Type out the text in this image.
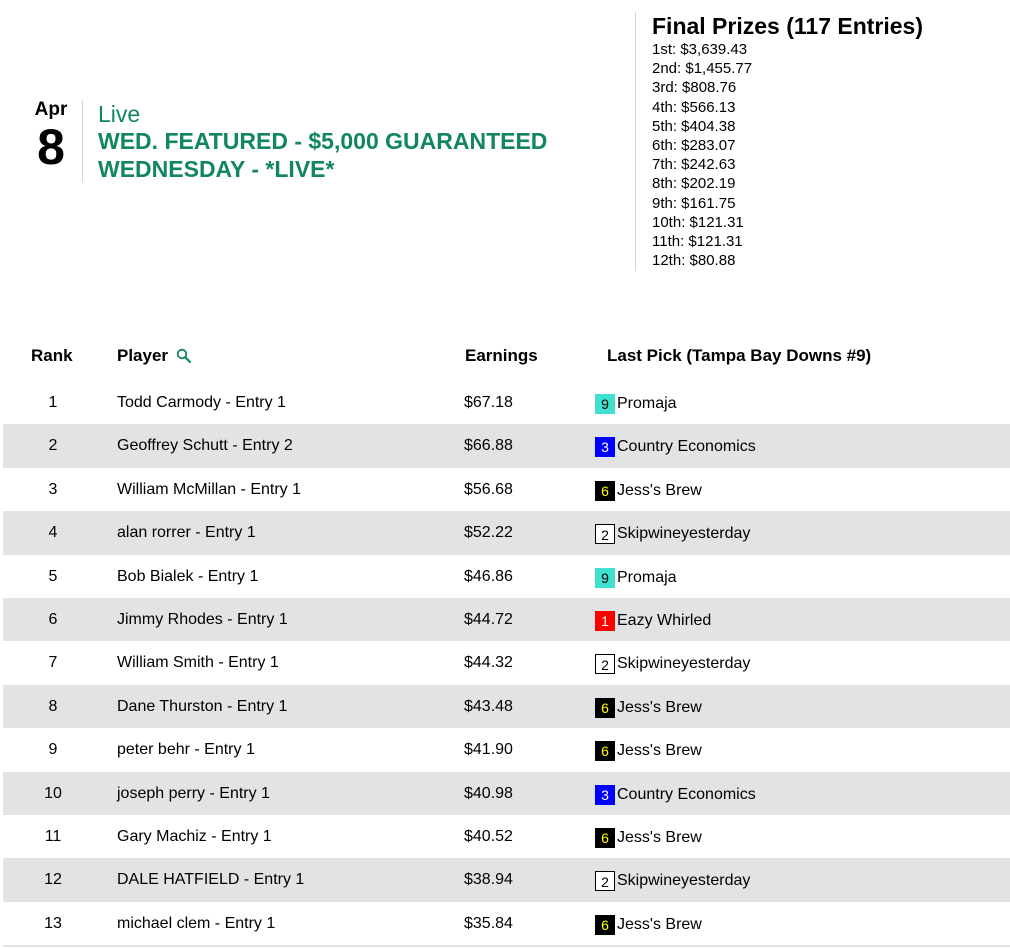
Apr
8
Live
WED. FEATURED - $5,000 GUARANTEED WEDNESDAY - *LIVE*
Final Prizes (117 Entries)
1st: $3,639.43
2nd: $1,455.77
3rd: $808.76
4th: $566.13
5th: $404.38
6th: $283.07
7th: $242.63
8th: $202.19
9th: $161.75
10th: $121.31
11th: $121.31
12th: $80.88
Rank	Player	Earnings	Last Pick (Tampa Bay Downs #9)
1	Todd Carmody - Entry 1	$67.18	9 Promaja
2	Geoffrey Schutt - Entry 2	$66.88	3 Country Economics
3	William McMillan - Entry 1	$56.68	6 Jess's Brew
4	alan rorrer - Entry 1	$52.22	2 Skipwineyesterday
5	Bob Bialek - Entry 1	$46.86	9 Promaja
6	Jimmy Rhodes - Entry 1	$44.72	1 Eazy Whirled
7	William Smith - Entry 1	$44.32	2 Skipwineyesterday
8	Dane Thurston - Entry 1	$43.48	6 Jess's Brew
9	peter behr - Entry 1	$41.90	6 Jess's Brew
10	joseph perry - Entry 1	$40.98	3 Country Economics
11	Gary Machiz - Entry 1	$40.52	6 Jess's Brew
12	DALE HATFIELD - Entry 1	$38.94	2 Skipwineyesterday
13	michael clem - Entry 1	$35.84	6 Jess's Brew
